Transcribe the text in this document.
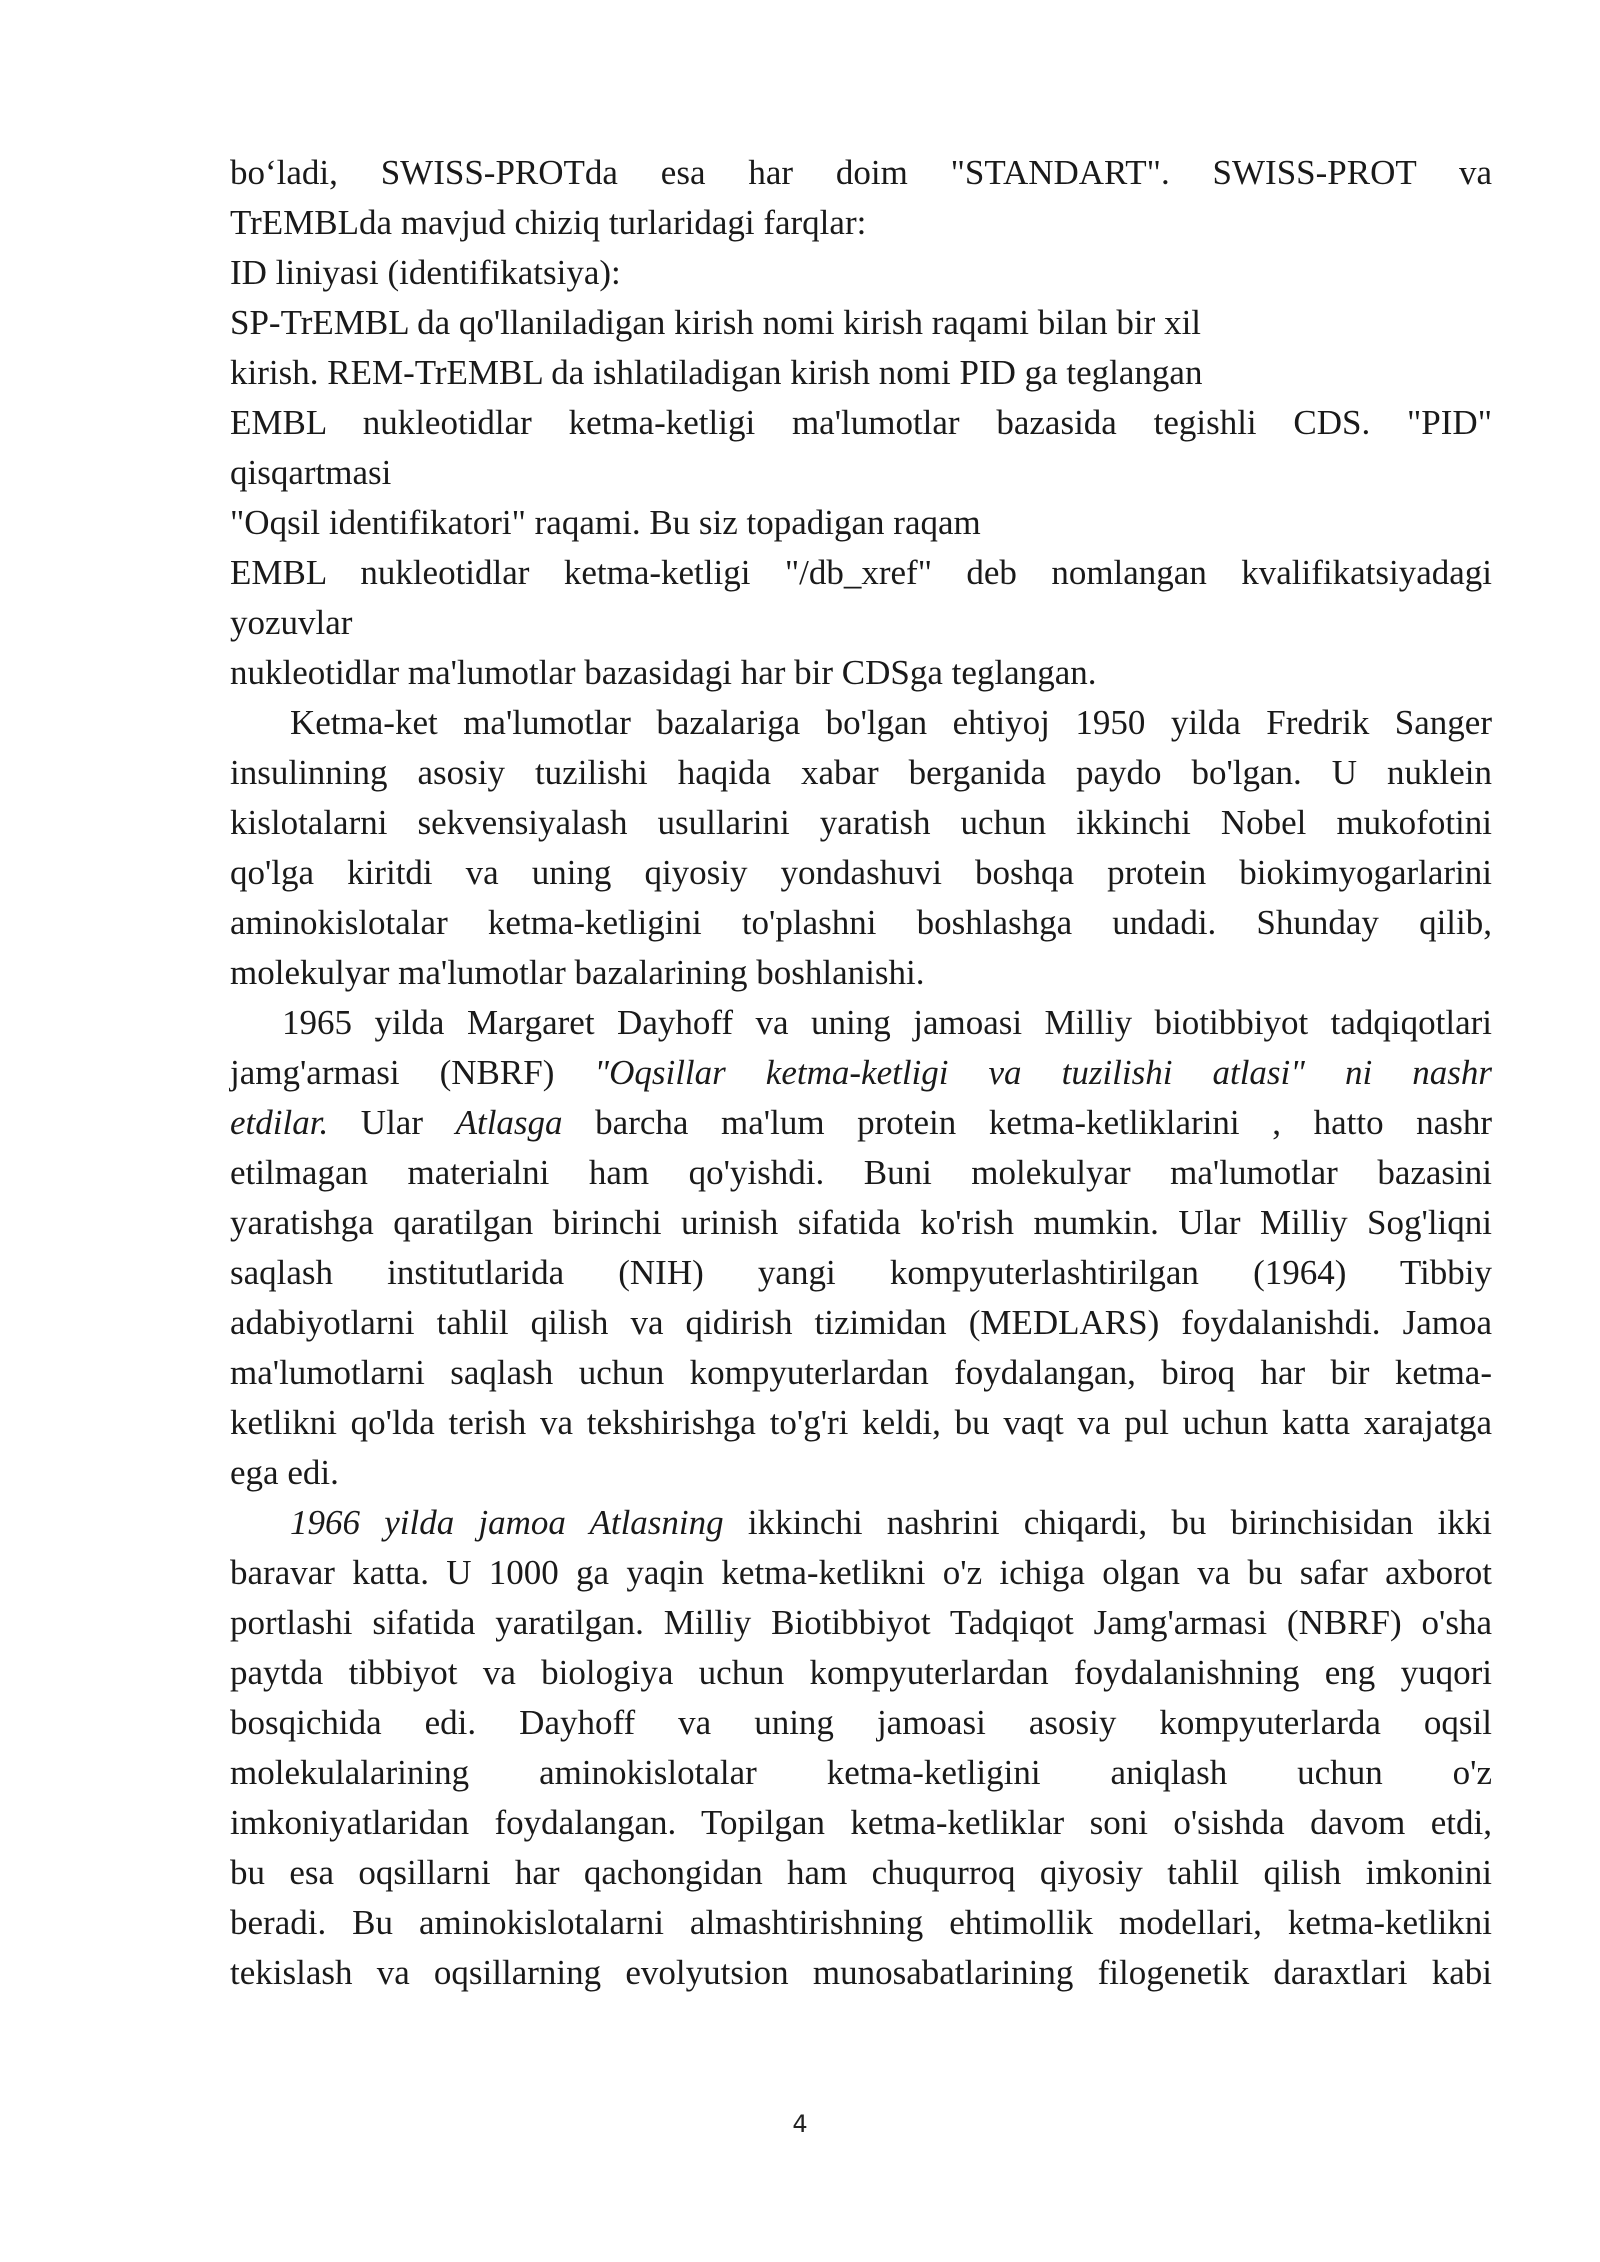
bo‘ladi, SWISS-PROTda esa har doim "STANDART". SWISS-PROT va
TrEMBLda mavjud chiziq turlaridagi farqlar:
ID liniyasi (identifikatsiya):
SP-TrEMBL da qo'llaniladigan kirish nomi kirish raqami bilan bir xil
kirish. REM-TrEMBL da ishlatiladigan kirish nomi PID ga teglangan
EMBL nukleotidlar ketma-ketligi ma'lumotlar bazasida tegishli CDS. "PID"
qisqartmasi
"Oqsil identifikatori" raqami. Bu siz topadigan raqam
EMBL nukleotidlar ketma-ketligi "/db_xref" deb nomlangan kvalifikatsiyadagi
yozuvlar
nukleotidlar ma'lumotlar bazasidagi har bir CDSga teglangan.
Ketma-ket ma'lumotlar bazalariga bo'lgan ehtiyoj 1950 yilda Fredrik Sanger
insulinning asosiy tuzilishi haqida xabar berganida paydo bo'lgan. U nuklein
kislotalarni sekvensiyalash usullarini yaratish uchun ikkinchi Nobel mukofotini
qo'lga kiritdi va uning qiyosiy yondashuvi boshqa protein biokimyogarlarini
aminokislotalar ketma-ketligini to'plashni boshlashga undadi. Shunday qilib,
molekulyar ma'lumotlar bazalarining boshlanishi.
1965 yilda Margaret Dayhoff va uning jamoasi Milliy biotibbiyot tadqiqotlari
jamg'armasi (NBRF) "Oqsillar ketma-ketligi va tuzilishi atlasi" ni nashr
etdilar. Ular Atlasga barcha ma'lum protein ketma-ketliklarini , hatto nashr
etilmagan materialni ham qo'yishdi. Buni molekulyar ma'lumotlar bazasini
yaratishga qaratilgan birinchi urinish sifatida ko'rish mumkin. Ular Milliy Sog'liqni
saqlash institutlarida (NIH) yangi kompyuterlashtirilgan (1964) Tibbiy
adabiyotlarni tahlil qilish va qidirish tizimidan (MEDLARS) foydalanishdi. Jamoa
ma'lumotlarni saqlash uchun kompyuterlardan foydalangan, biroq har bir ketma-
ketlikni qo'lda terish va tekshirishga to'g'ri keldi, bu vaqt va pul uchun katta xarajatga
ega edi.
1966 yilda jamoa Atlasning ikkinchi nashrini chiqardi, bu birinchisidan ikki
baravar katta. U 1000 ga yaqin ketma-ketlikni o'z ichiga olgan va bu safar axborot
portlashi sifatida yaratilgan. Milliy Biotibbiyot Tadqiqot Jamg'armasi (NBRF) o'sha
paytda tibbiyot va biologiya uchun kompyuterlardan foydalanishning eng yuqori
bosqichida edi. Dayhoff va uning jamoasi asosiy kompyuterlarda oqsil
molekulalarining aminokislotalar ketma-ketligini aniqlash uchun o'z
imkoniyatlaridan foydalangan. Topilgan ketma-ketliklar soni o'sishda davom etdi,
bu esa oqsillarni har qachongidan ham chuqurroq qiyosiy tahlil qilish imkonini
beradi. Bu aminokislotalarni almashtirishning ehtimollik modellari, ketma-ketlikni
tekislash va oqsillarning evolyutsion munosabatlarining filogenetik daraxtlari kabi
4
